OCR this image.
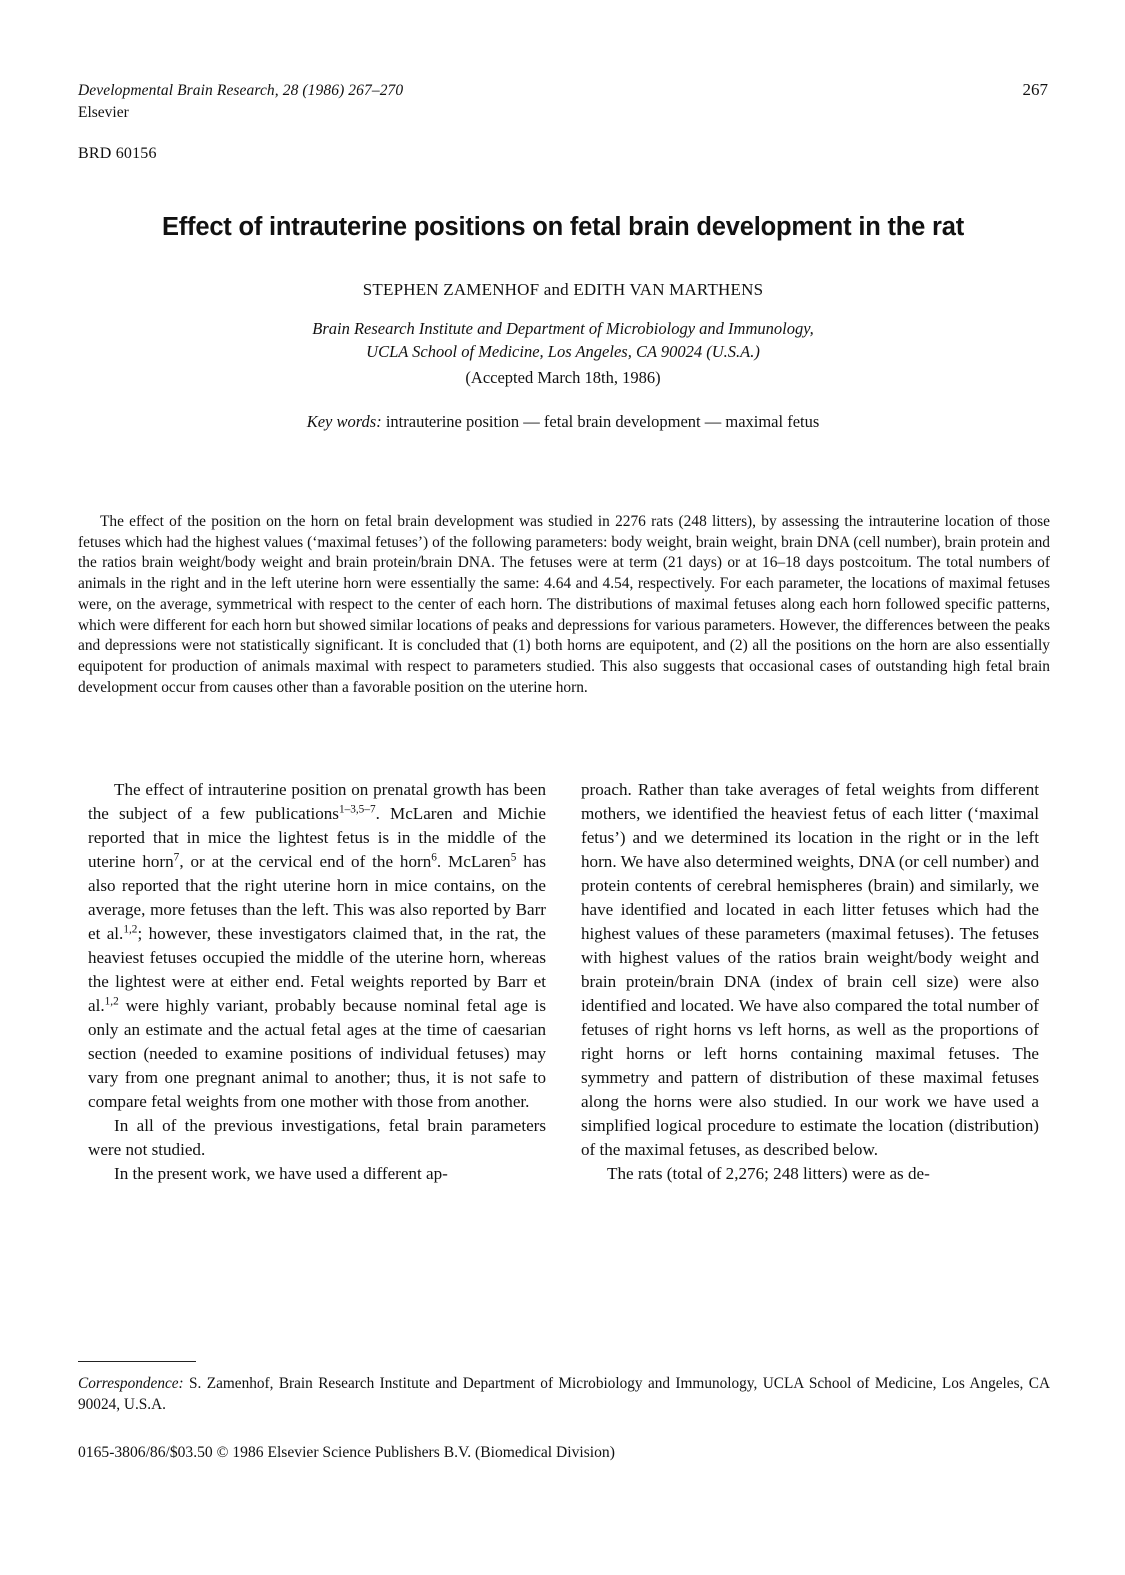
Developmental Brain Research, 28 (1986) 267–270
Elsevier
267
BRD 60156
Effect of intrauterine positions on fetal brain development in the rat
STEPHEN ZAMENHOF and EDITH VAN MARTHENS
Brain Research Institute and Department of Microbiology and Immunology,
UCLA School of Medicine, Los Angeles, CA 90024 (U.S.A.)
(Accepted March 18th, 1986)
Key words: intrauterine position — fetal brain development — maximal fetus
The effect of the position on the horn on fetal brain development was studied in 2276 rats (248 litters), by assessing the intrauterine location of those fetuses which had the highest values (‘maximal fetuses’) of the following parameters: body weight, brain weight, brain DNA (cell number), brain protein and the ratios brain weight/body weight and brain protein/brain DNA. The fetuses were at term (21 days) or at 16–18 days postcoitum. The total numbers of animals in the right and in the left uterine horn were essentially the same: 4.64 and 4.54, respectively. For each parameter, the locations of maximal fetuses were, on the average, symmetrical with respect to the center of each horn. The distributions of maximal fetuses along each horn followed specific patterns, which were different for each horn but showed similar locations of peaks and depressions for various parameters. However, the differences between the peaks and depressions were not statistically significant. It is concluded that (1) both horns are equipotent, and (2) all the positions on the horn are also essentially equipotent for production of animals maximal with respect to parameters studied. This also suggests that occasional cases of outstanding high fetal brain development occur from causes other than a favorable position on the uterine horn.

The effect of intrauterine position on prenatal growth has been the subject of a few publications$^{1-3,5-7}$. McLaren and Michie reported that in mice the lightest fetus is in the middle of the uterine horn$^7$, or at the cervical end of the horn$^6$. McLaren$^5$ has also reported that the right uterine horn in mice contains, on the average, more fetuses than the left. This was also reported by Barr et al.$^{1,2}$; however, these investigators claimed that, in the rat, the heaviest fetuses occupied the middle of the uterine horn, whereas the lightest were at either end. Fetal weights reported by Barr et al.$^{1,2}$ were highly variant, probably because nominal fetal age is only an estimate and the actual fetal ages at the time of caesarian section (needed to examine positions of individual fetuses) may vary from one pregnant animal to another; thus, it is not safe to compare fetal weights from one mother with those from another.

In all of the previous investigations, fetal brain parameters were not studied.

In the present work, we have used a different ap-

proach. Rather than take averages of fetal weights from different mothers, we identified the heaviest fetus of each litter (‘maximal fetus’) and we determined its location in the right or in the left horn. We have also determined weights, DNA (or cell number) and protein contents of cerebral hemispheres (brain) and similarly, we have identified and located in each litter fetuses which had the highest values of these parameters (maximal fetuses). The fetuses with highest values of the ratios brain weight/body weight and brain protein/brain DNA (index of brain cell size) were also identified and located. We have also compared the total number of fetuses of right horns vs left horns, as well as the proportions of right horns or left horns containing maximal fetuses. The symmetry and pattern of distribution of these maximal fetuses along the horns were also studied. In our work we have used a simplified logical procedure to estimate the location (distribution) of the maximal fetuses, as described below.

The rats (total of 2,276; 248 litters) were as de-

Correspondence: S. Zamenhof, Brain Research Institute and Department of Microbiology and Immunology, UCLA School of Medicine, Los Angeles, CA 90024, U.S.A.
0165-3806/86/$03.50 © 1986 Elsevier Science Publishers B.V. (Biomedical Division)
